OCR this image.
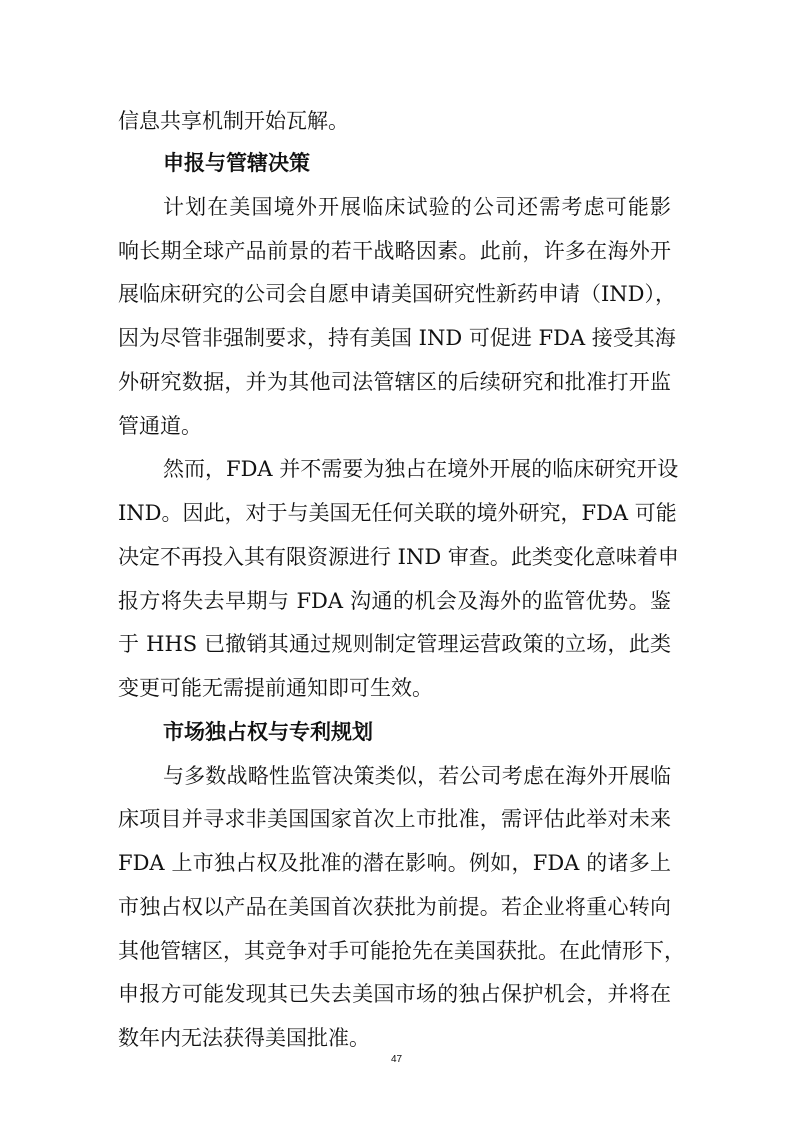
信息共享机制开始瓦解。
申报与管辖决策
计划在美国境外开展临床试验的公司还需考虑可能影
响长期全球产品前景的若干战略因素。此前，许多在海外开
展临床研究的公司会自愿申请美国研究性新药申请（IND），
因为尽管非强制要求，持有美国 IND 可促进 FDA 接受其海
外研究数据，并为其他司法管辖区的后续研究和批准打开监
管通道。
然而，FDA 并不需要为独占在境外开展的临床研究开设
IND。因此，对于与美国无任何关联的境外研究，FDA 可能
决定不再投入其有限资源进行 IND 审查。此类变化意味着申
报方将失去早期与 FDA 沟通的机会及海外的监管优势。鉴
于 HHS 已撤销其通过规则制定管理运营政策的立场，此类
变更可能无需提前通知即可生效。
市场独占权与专利规划
与多数战略性监管决策类似，若公司考虑在海外开展临
床项目并寻求非美国国家首次上市批准，需评估此举对未来
FDA 上市独占权及批准的潜在影响。例如，FDA 的诸多上
市独占权以产品在美国首次获批为前提。若企业将重心转向
其他管辖区，其竞争对手可能抢先在美国获批。在此情形下，
申报方可能发现其已失去美国市场的独占保护机会，并将在
数年内无法获得美国批准。
47
